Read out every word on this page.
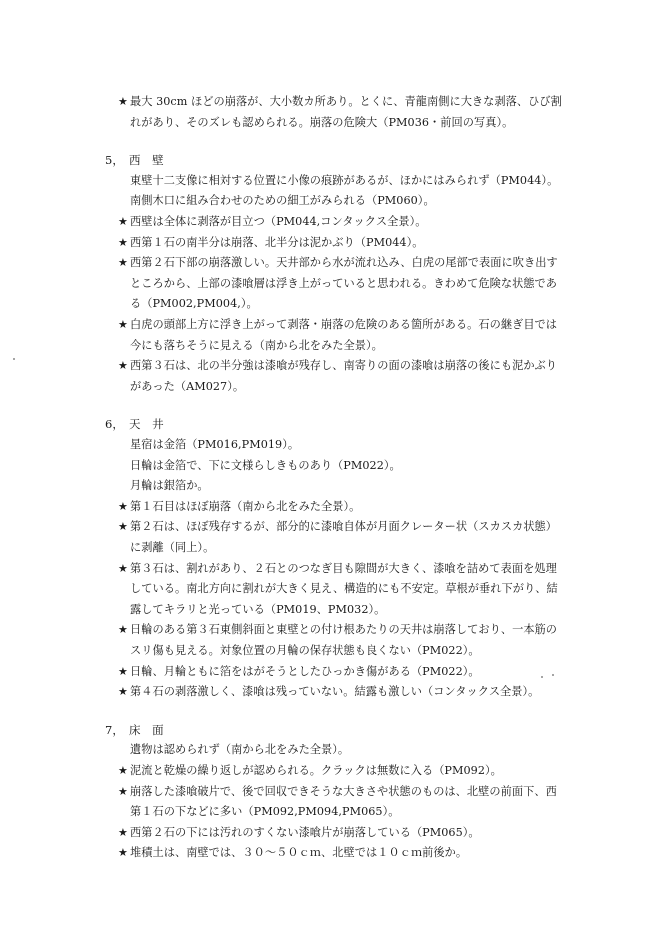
★ 最大 30cm ほどの崩落が、大小数カ所あり。とくに、青龍南側に大きな剥落、ひび割
れがあり、そのズレも認められる。崩落の危険大（PM036・前回の写真）。
5， 西 壁
東壁十二支像に相対する位置に小像の痕跡があるが、ほかにはみられず（PM044）。
南側木口に組み合わせのための細工がみられる（PM060）。
★ 西壁は全体に剥落が目立つ（PM044,コンタックス全景）。
★ 西第１石の南半分は崩落、北半分は泥かぶり（PM044）。
★ 西第２石下部の崩落激しい。天井部から水が流れ込み、白虎の尾部で表面に吹き出す
ところから、上部の漆喰層は浮き上がっていると思われる。きわめて危険な状態であ
る（PM002,PM004,）。
★ 白虎の頭部上方に浮き上がって剥落・崩落の危険のある箇所がある。石の継ぎ目では
今にも落ちそうに見える（南から北をみた全景）。
★ 西第３石は、北の半分強は漆喰が残存し、南寄りの面の漆喰は崩落の後にも泥かぶり
があった（AM027）。
6， 天 井
星宿は金箔（PM016,PM019）。
日輪は金箔で、下に文様らしきものあり（PM022）。
月輪は銀箔か。
★ 第１石目はほぼ崩落（南から北をみた全景）。
★ 第２石は、ほぼ残存するが、部分的に漆喰自体が月面クレーター状（スカスカ状態）
に剥離（同上）。
★ 第３石は、割れがあり、２石とのつなぎ目も隙間が大きく、漆喰を詰めて表面を処理
している。南北方向に割れが大きく見え、構造的にも不安定。草根が垂れ下がり、結
露してキラリと光っている（PM019、PM032）。
★ 日輪のある第３石東側斜面と東壁との付け根あたりの天井は崩落しており、一本筋の
スリ傷も見える。対象位置の月輪の保存状態も良くない（PM022）。
★ 日輪、月輪ともに箔をはがそうとしたひっかき傷がある（PM022）。
★ 第４石の剥落激しく、漆喰は残っていない。結露も激しい（コンタックス全景）。
7， 床 面
遺物は認められず（南から北をみた全景）。
★ 泥流と乾燥の繰り返しが認められる。クラックは無数に入る（PM092）。
★ 崩落した漆喰破片で、後で回収できそうな大きさや状態のものは、北壁の前面下、西
第１石の下などに多い（PM092,PM094,PM065）。
★ 西第２石の下には汚れのすくない漆喰片が崩落している（PM065）。
★ 堆積土は、南壁では、３０～５０ｃｍ、北壁では１０ｃｍ前後か。
